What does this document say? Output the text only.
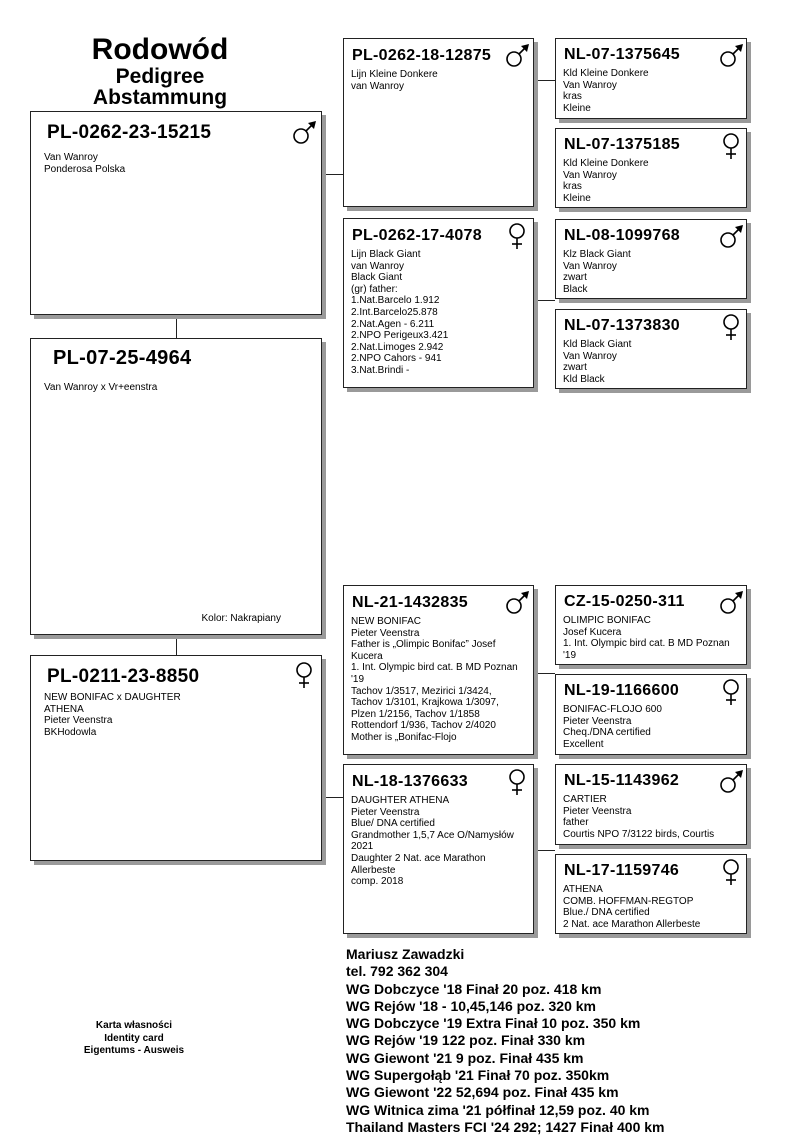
Rodowód
Pedigree
Abstammung
PL-0262-23-15215
Van Wanroy
Ponderosa Polska
PL-07-25-4964
Van Wanroy x Vr+eenstra
Kolor: Nakrapiany
PL-0211-23-8850
NEW BONIFAC x DAUGHTER
ATHENA
Pieter Veenstra
BKHodowla
PL-0262-18-12875
Lijn Kleine Donkere
van Wanroy
PL-0262-17-4078
Lijn Black Giant
van Wanroy
Black Giant
(gr) father:
1.Nat.Barcelo 1.912
2.Int.Barcelo25.878
2.Nat.Agen - 6.211
2.NPO Perigeux3.421
2.Nat.Limoges 2.942
2.NPO Cahors - 941
3.Nat.Brindi -
NL-21-1432835
NEW BONIFAC
Pieter Veenstra
Father is „Olimpic Bonifac” Josef
Kucera
1. Int. Olympic bird cat. B MD Poznan
'19
Tachov 1/3517, Mezirici 1/3424,
Tachov 1/3101, Krajkowa 1/3097,
Plzen 1/2156, Tachov 1/1858
Rottendorf 1/936, Tachov 2/4020
Mother is „Bonifac-Flojo
NL-18-1376633
DAUGHTER ATHENA
Pieter Veenstra
Blue/ DNA certified
Grandmother 1,5,7 Ace O/Namysłów
2021
Daughter 2 Nat. ace Marathon
Allerbeste
comp. 2018
NL-07-1375645
Kld Kleine Donkere
Van Wanroy
kras
Kleine
NL-07-1375185
Kld Kleine Donkere
Van Wanroy
kras
Kleine
NL-08-1099768
Klz Black Giant
Van Wanroy
zwart
Black
NL-07-1373830
Kld Black Giant
Van Wanroy
zwart
Kld Black
CZ-15-0250-311
OLIMPIC BONIFAC
Josef Kucera
1. Int. Olympic bird cat. B MD Poznan
'19
NL-19-1166600
BONIFAC-FLOJO 600
Pieter Veenstra
Cheq./DNA certified
Excellent
NL-15-1143962
CARTIER
Pieter Veenstra
father
Courtis NPO 7/3122 birds, Courtis
NL-17-1159746
ATHENA
COMB. HOFFMAN-REGTOP
Blue./ DNA certified
2 Nat. ace Marathon Allerbeste
Mariusz Zawadzki
tel. 792 362 304
WG Dobczyce '18 Finał 20 poz. 418 km
WG Rejów '18 - 10,45,146 poz. 320 km
WG Dobczyce '19 Extra Finał 10 poz. 350 km
WG Rejów '19 122 poz. Finał 330 km
WG Giewont '21 9 poz. Finał 435 km
WG Supergołąb '21 Finał 70 poz. 350km
WG Giewont '22 52,694 poz. Finał 435 km
WG Witnica zima '21 półfinał 12,59 poz. 40 km
Thailand Masters FCI '24 292; 1427 Finał 400 km
Karta własności
Identity card
Eigentums - Ausweis
